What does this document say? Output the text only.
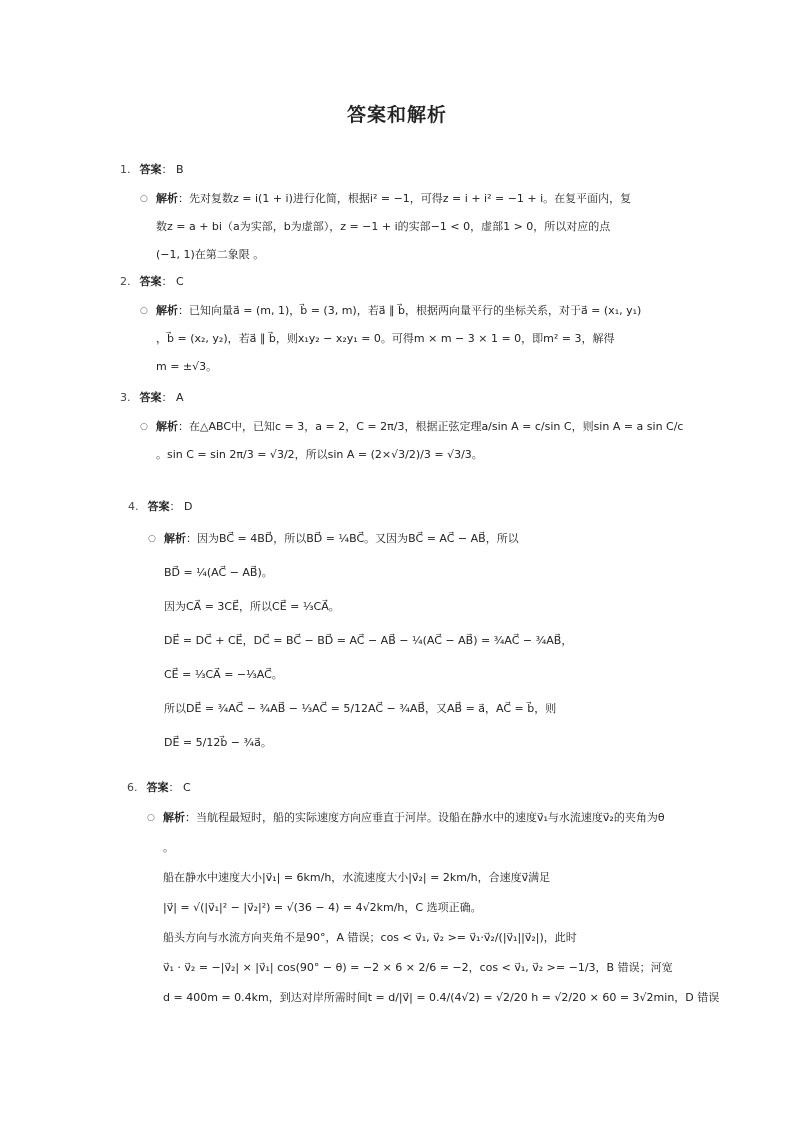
答案和解析
1. 答案： B
○ 解析：先对复数z = i(1 + i)进行化简，根据i² = −1，可得z = i + i² = −1 + i。在复平面内，复
数z = a + bi（a为实部，b为虚部），z = −1 + i的实部−1 < 0，虚部1 > 0，所以对应的点
(−1, 1)在第二象限 。
2. 答案： C
○ 解析：已知向量a⃗ = (m, 1)，b⃗ = (3, m)，若a⃗ ∥ b⃗，根据两向量平行的坐标关系，对于a⃗ = (x₁, y₁)
，b⃗ = (x₂, y₂)，若a⃗ ∥ b⃗，则x₁y₂ − x₂y₁ = 0。可得m × m − 3 × 1 = 0，即m² = 3，解得
m = ±√3。
3. 答案： A
○ 解析：在△ABC中，已知c = 3，a = 2，C = 2π/3，根据正弦定理a/sin A = c/sin C，则sin A = a sin C/c
。sin C = sin 2π/3 = √3/2，所以sin A = (2×√3/2)/3 = √3/3。
4. 答案： D
○ 解析：因为BC⃗ = 4BD⃗，所以BD⃗ = ¼BC⃗。又因为BC⃗ = AC⃗ − AB⃗，所以
BD⃗ = ¼(AC⃗ − AB⃗)。
因为CA⃗ = 3CE⃗，所以CE⃗ = ⅓CA⃗。
DE⃗ = DC⃗ + CE⃗，DC⃗ = BC⃗ − BD⃗ = AC⃗ − AB⃗ − ¼(AC⃗ − AB⃗) = ¾AC⃗ − ¾AB⃗，
CE⃗ = ⅓CA⃗ = −⅓AC⃗。
所以DE⃗ = ¾AC⃗ − ¾AB⃗ − ⅓AC⃗ = 5/12AC⃗ − ¾AB⃗，又AB⃗ = a⃗，AC⃗ = b⃗，则
DE⃗ = 5/12b⃗ − ¾a⃗。
6. 答案： C
○ 解析：当航程最短时，船的实际速度方向应垂直于河岸。设船在静水中的速度v⃗₁与水流速度v⃗₂的夹角为θ
。
船在静水中速度大小|v⃗₁| = 6km/h，水流速度大小|v⃗₂| = 2km/h，合速度v⃗满足
|v⃗| = √(|v⃗₁|² − |v⃗₂|²) = √(36 − 4) = 4√2km/h，C 选项正确。
船头方向与水流方向夹角不是90°，A 错误；cos < v⃗₁, v⃗₂ >= v⃗₁·v⃗₂/(|v⃗₁||v⃗₂|)，此时
v⃗₁ · v⃗₂ = −|v⃗₂| × |v⃗₁| cos(90° − θ) = −2 × 6 × 2/6 = −2，cos < v⃗₁, v⃗₂ >= −1/3，B 错误；河宽
d = 400m = 0.4km，到达对岸所需时间t = d/|v⃗| = 0.4/(4√2) = √2/20 h = √2/20 × 60 = 3√2min，D 错误
